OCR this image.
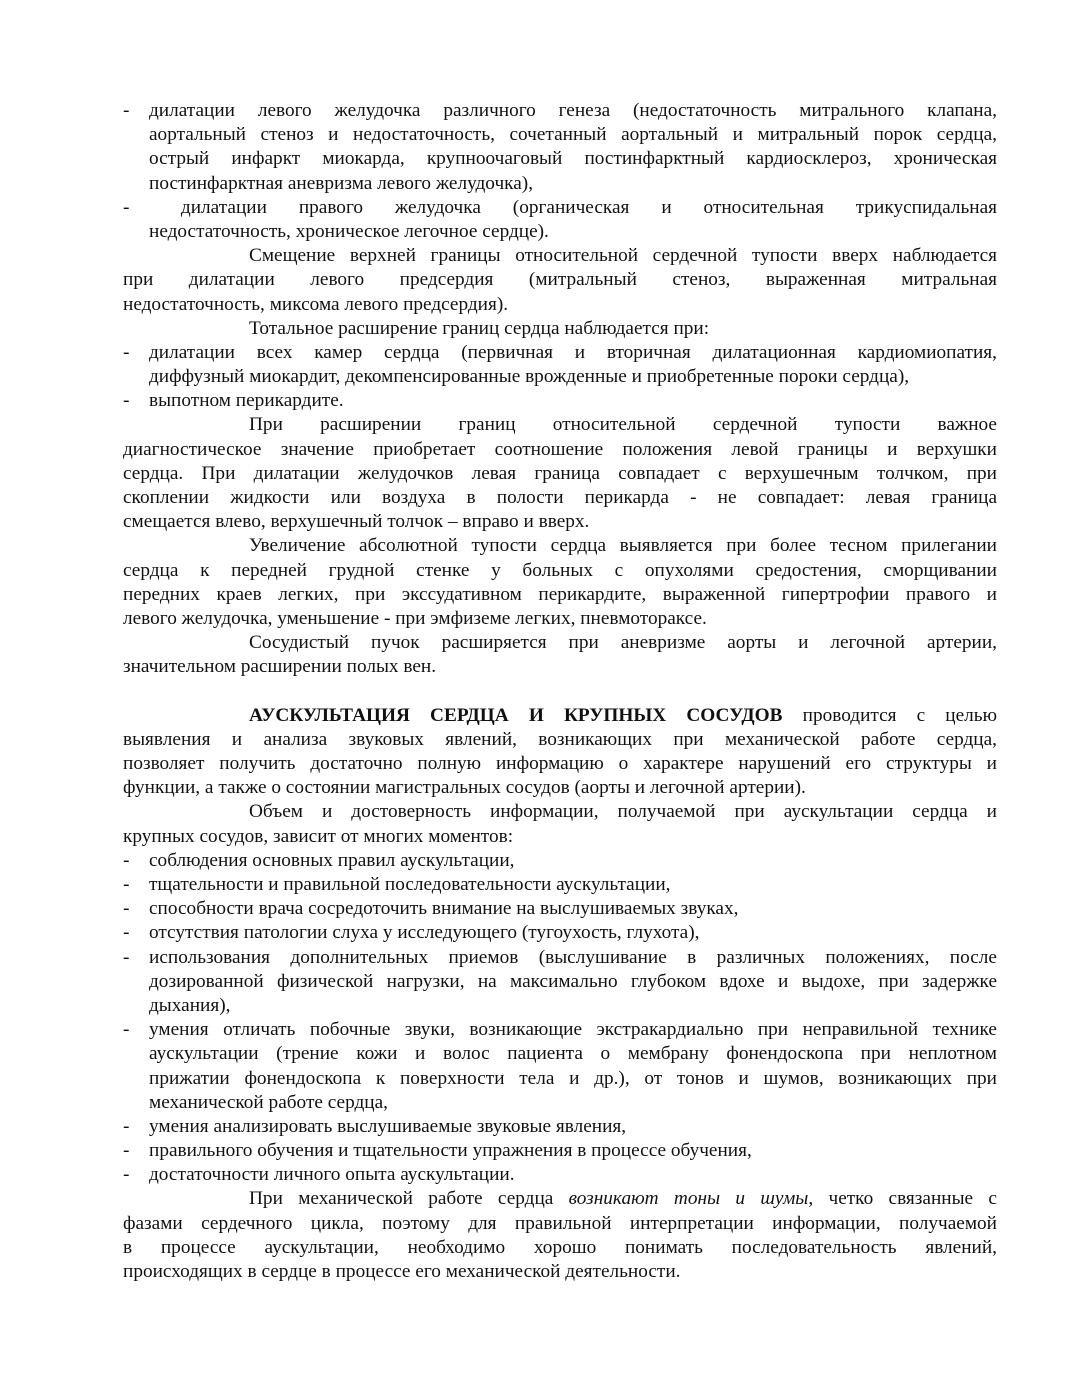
- дилатации левого желудочка различного генеза (недостаточность митрального клапана,
аортальный стеноз и недостаточность, сочетанный аортальный и митральный порок сердца,
острый инфаркт миокарда, крупноочаговый постинфарктный кардиосклероз, хроническая
постинфарктная аневризма левого желудочка),
- дилатации правого желудочка (органическая и относительная трикуспидальная
недостаточность, хроническое легочное сердце).
Смещение верхней границы относительной сердечной тупости вверх наблюдается
при дилатации левого предсердия (митральный стеноз, выраженная митральная
недостаточность, миксома левого предсердия).
Тотальное расширение границ сердца наблюдается при:
- дилатации всех камер сердца (первичная и вторичная дилатационная кардиомиопатия,
диффузный миокардит, декомпенсированные врожденные и приобретенные пороки сердца),
- выпотном перикардите.
При расширении границ относительной сердечной тупости важное
диагностическое значение приобретает соотношение положения левой границы и верхушки
сердца. При дилатации желудочков левая граница совпадает с верхушечным толчком, при
скоплении жидкости или воздуха в полости перикарда - не совпадает: левая граница
смещается влево, верхушечный толчок – вправо и вверх.
Увеличение абсолютной тупости сердца выявляется при более тесном прилегании
сердца к передней грудной стенке у больных с опухолями средостения, сморщивании
передних краев легких, при экссудативном перикардите, выраженной гипертрофии правого и
левого желудочка, уменьшение - при эмфиземе легких, пневмотораксе.
Сосудистый пучок расширяется при аневризме аорты и легочной артерии,
значительном расширении полых вен.
АУСКУЛЬТАЦИЯ СЕРДЦА И КРУПНЫХ СОСУДОВ проводится с целью
выявления и анализа звуковых явлений, возникающих при механической работе сердца,
позволяет получить достаточно полную информацию о характере нарушений его структуры и
функции, а также о состоянии магистральных сосудов (аорты и легочной артерии).
Объем и достоверность информации, получаемой при аускультации сердца и
крупных сосудов, зависит от многих моментов:
- соблюдения основных правил аускультации,
- тщательности и правильной последовательности аускультации,
- способности врача сосредоточить внимание на выслушиваемых звуках,
- отсутствия патологии слуха у исследующего (тугоухость, глухота),
- использования дополнительных приемов (выслушивание в различных положениях, после
дозированной физической нагрузки, на максимально глубоком вдохе и выдохе, при задержке
дыхания),
- умения отличать побочные звуки, возникающие экстракардиально при неправильной технике
аускультации (трение кожи и волос пациента о мембрану фонендоскопа при неплотном
прижатии фонендоскопа к поверхности тела и др.), от тонов и шумов, возникающих при
механической работе сердца,
- умения анализировать выслушиваемые звуковые явления,
- правильного обучения и тщательности упражнения в процессе обучения,
- достаточности личного опыта аускультации.
При механической работе сердца возникают тоны и шумы, четко связанные с
фазами сердечного цикла, поэтому для правильной интерпретации информации, получаемой
в процессе аускультации, необходимо хорошо понимать последовательность явлений,
происходящих в сердце в процессе его механической деятельности.
